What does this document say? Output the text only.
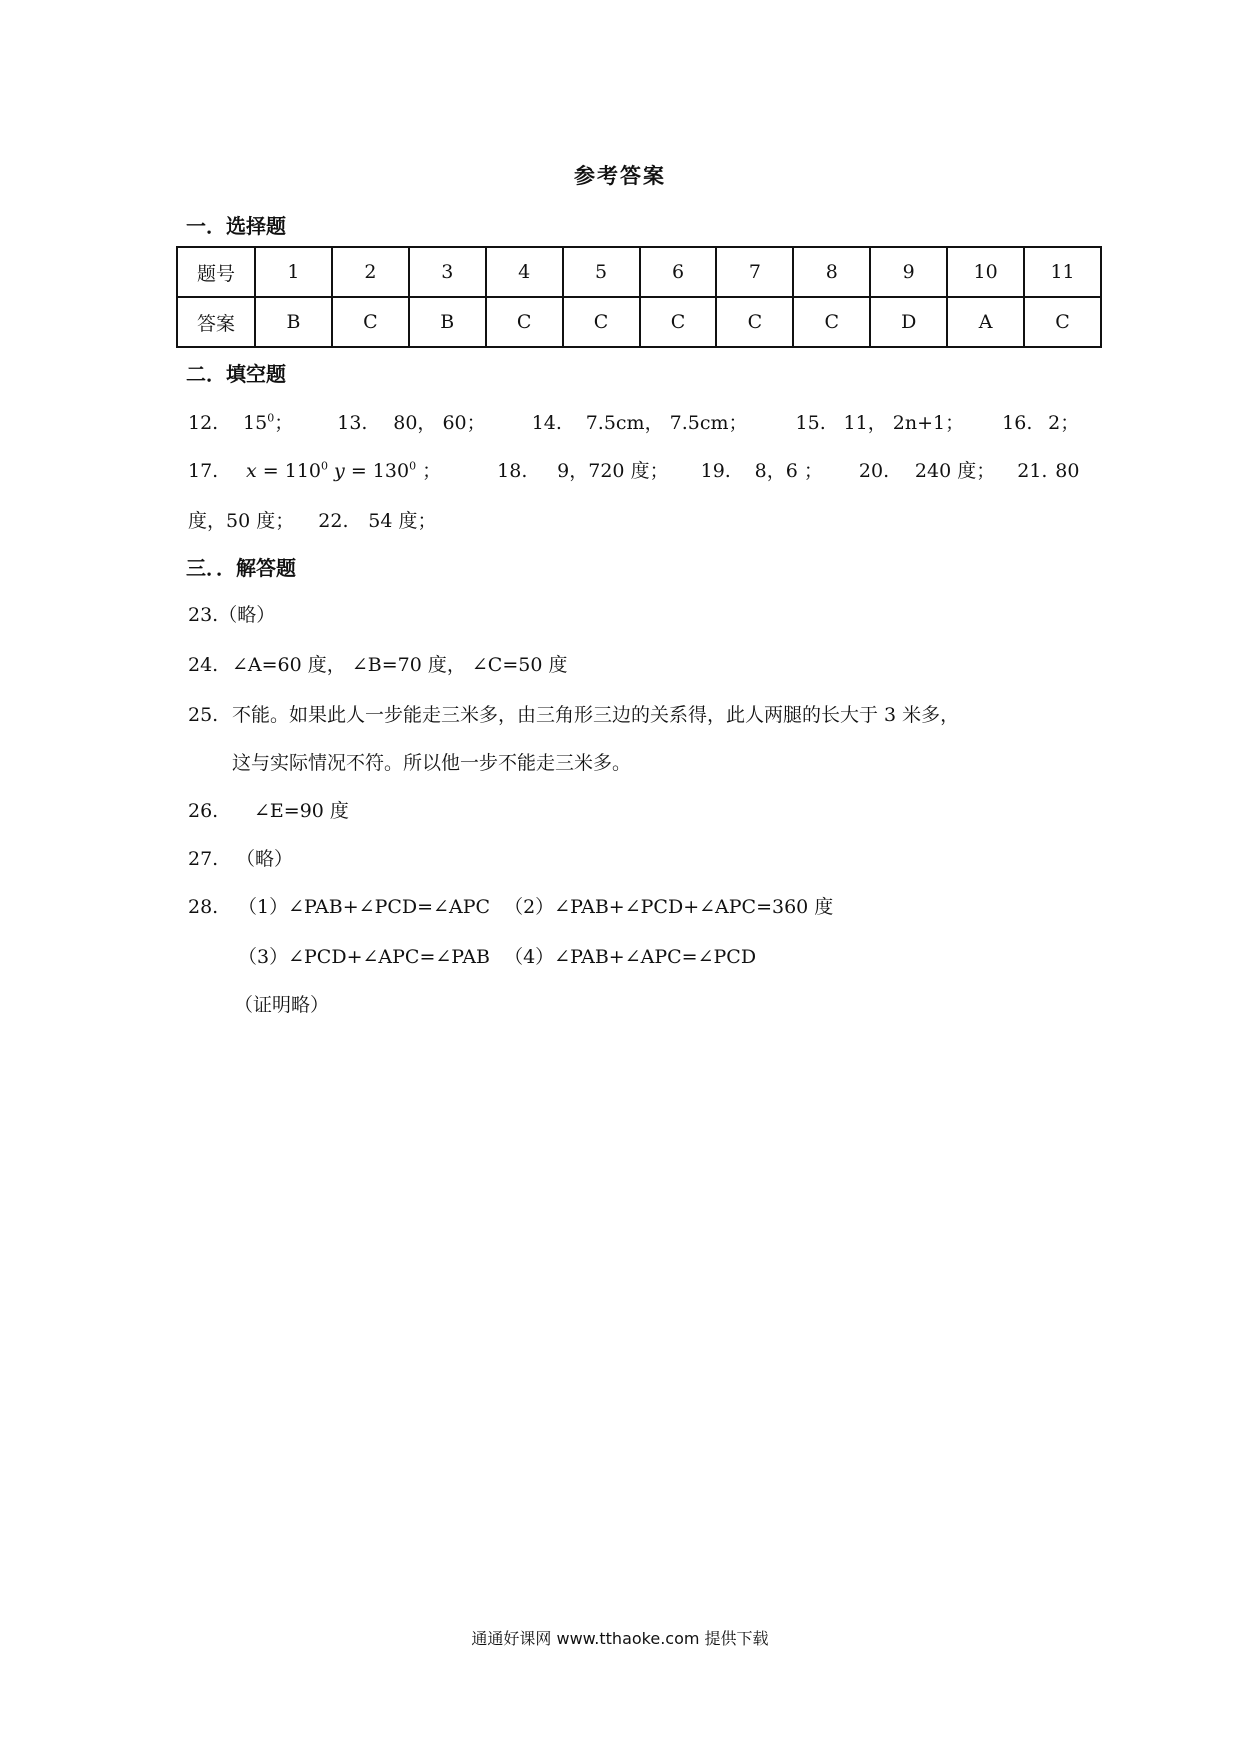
参考答案
一．选择题
题号	1	2	3	4	5	6	7	8	9	10	11
答案	B	C	B	C	C	C	C	C	D	A	C
二．填空题
12. $15^0$； 13. 80， 60； 14. 7.5cm， 7.5cm；	15. 11， 2n+1； 16. 2；
17. $x = 110^0$ $y = 130^0$ ；	18. 9，720 度； 19. 8，6 ； 20. 240 度； 21. 80
度，50 度； 22. 54 度；
三．．解答题
23.（略）
24. ∠A=60 度， ∠B=70 度， ∠C=50 度
25. 不能。如果此人一步能走三米多，由三角形三边的关系得，此人两腿的长大于 3 米多，
这与实际情况不符。所以他一步不能走三米多。
26. ∠E=90 度
27. （略）
28. （1）∠PAB+∠PCD=∠APC （2）∠PAB+∠PCD+∠APC=360 度
（3）∠PCD+∠APC=∠PAB （4）∠PAB+∠APC=∠PCD
（证明略）
通通好课网 www.tthaoke.com 提供下载
